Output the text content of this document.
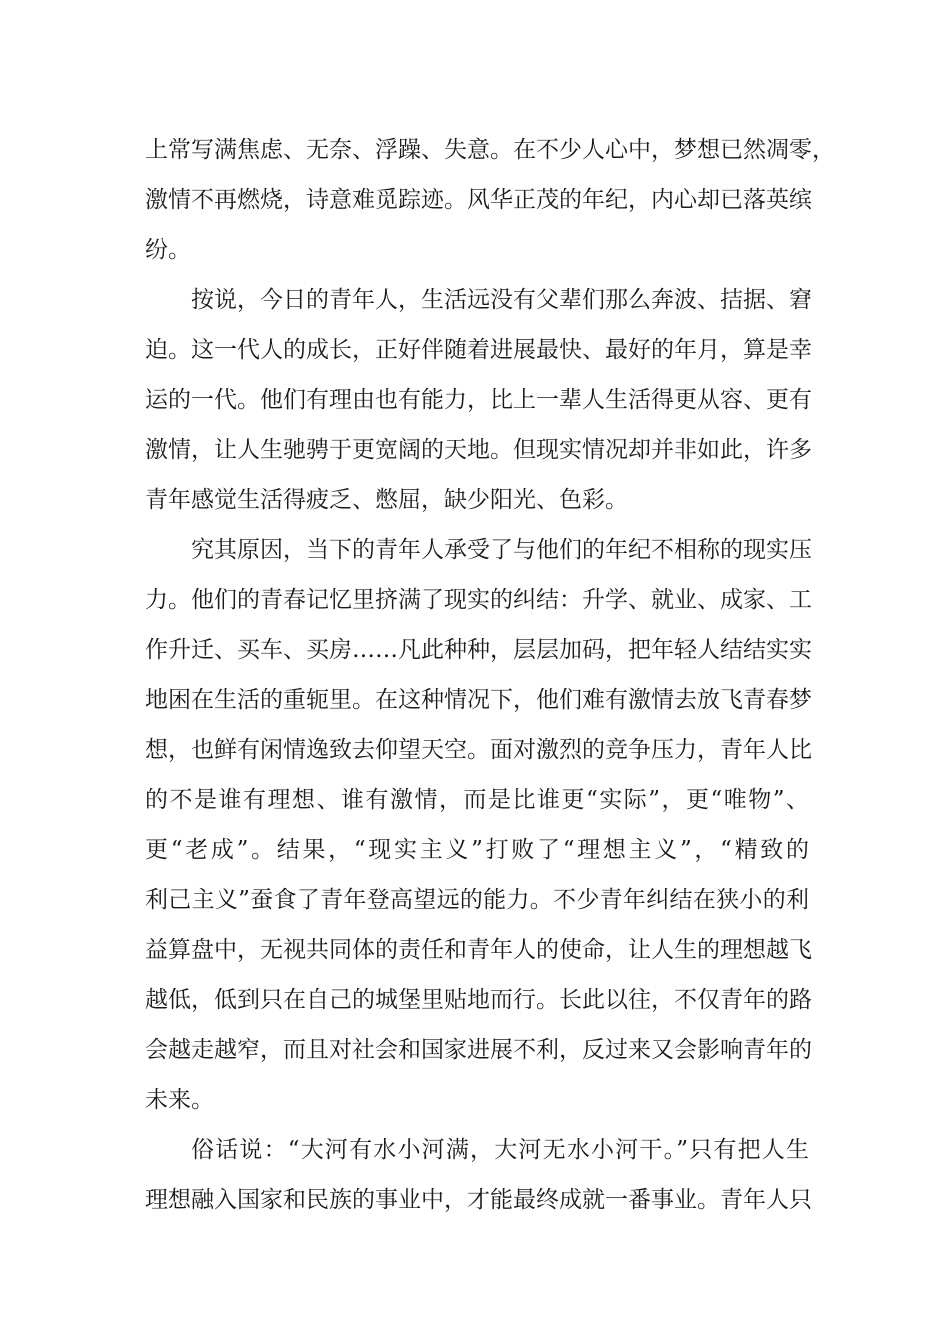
上常写满焦虑、无奈、浮躁、失意。在不少人心中，梦想已然凋零，
激情不再燃烧，诗意难觅踪迹。风华正茂的年纪，内心却已落英缤
纷。
按说，今日的青年人，生活远没有父辈们那么奔波、拮据、窘
迫。这一代人的成长，正好伴随着进展最快、最好的年月，算是幸
运的一代。他们有理由也有能力，比上一辈人生活得更从容、更有
激情，让人生驰骋于更宽阔的天地。但现实情况却并非如此，许多
青年感觉生活得疲乏、憋屈，缺少阳光、色彩。
究其原因，当下的青年人承受了与他们的年纪不相称的现实压
力。他们的青春记忆里挤满了现实的纠结：升学、就业、成家、工
作升迁、买车、买房……凡此种种，层层加码，把年轻人结结实实
地困在生活的重轭里。在这种情况下，他们难有激情去放飞青春梦
想，也鲜有闲情逸致去仰望天空。面对激烈的竞争压力，青年人比
的不是谁有理想、谁有激情，而是比谁更“实际”，更“唯物”、
更“老成”。结果，“现实主义”打败了“理想主义”，“精致的
利己主义”蚕食了青年登高望远的能力。不少青年纠结在狭小的利
益算盘中，无视共同体的责任和青年人的使命，让人生的理想越飞
越低，低到只在自己的城堡里贴地而行。长此以往，不仅青年的路
会越走越窄，而且对社会和国家进展不利，反过来又会影响青年的
未来。
俗话说：“大河有水小河满，大河无水小河干。”只有把人生
理想融入国家和民族的事业中，才能最终成就一番事业。青年人只
